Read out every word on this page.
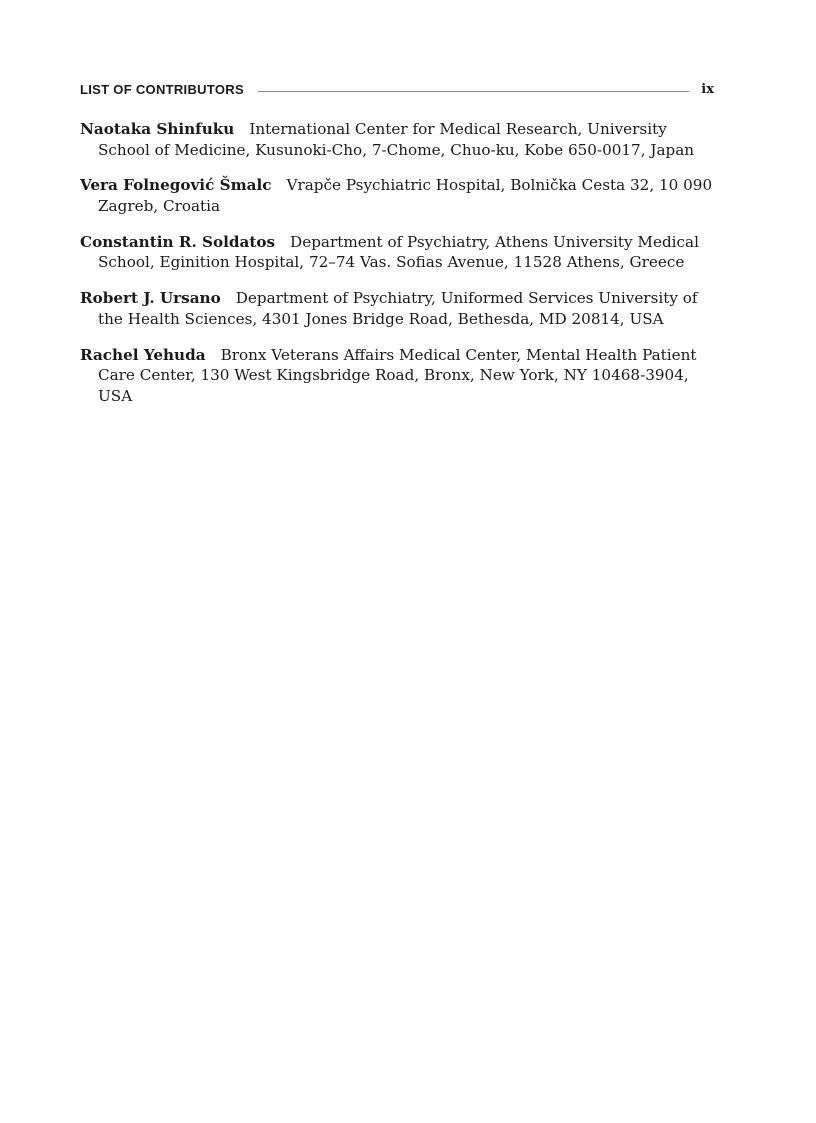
LIST OF CONTRIBUTORS	ix

Naotaka Shinfuku International Center for Medical Research, University School of Medicine, Kusunoki-Cho, 7-Chome, Chuo-ku, Kobe 650-0017, Japan

Vera Folnegović Šmalc Vrapče Psychiatric Hospital, Bolnička Cesta 32, 10 090 Zagreb, Croatia

Constantin R. Soldatos Department of Psychiatry, Athens University Medical School, Eginition Hospital, 72–74 Vas. Sofias Avenue, 11528 Athens, Greece

Robert J. Ursano Department of Psychiatry, Uniformed Services University of the Health Sciences, 4301 Jones Bridge Road, Bethesda, MD 20814, USA

Rachel Yehuda Bronx Veterans Affairs Medical Center, Mental Health Patient Care Center, 130 West Kingsbridge Road, Bronx, New York, NY 10468-3904, USA
